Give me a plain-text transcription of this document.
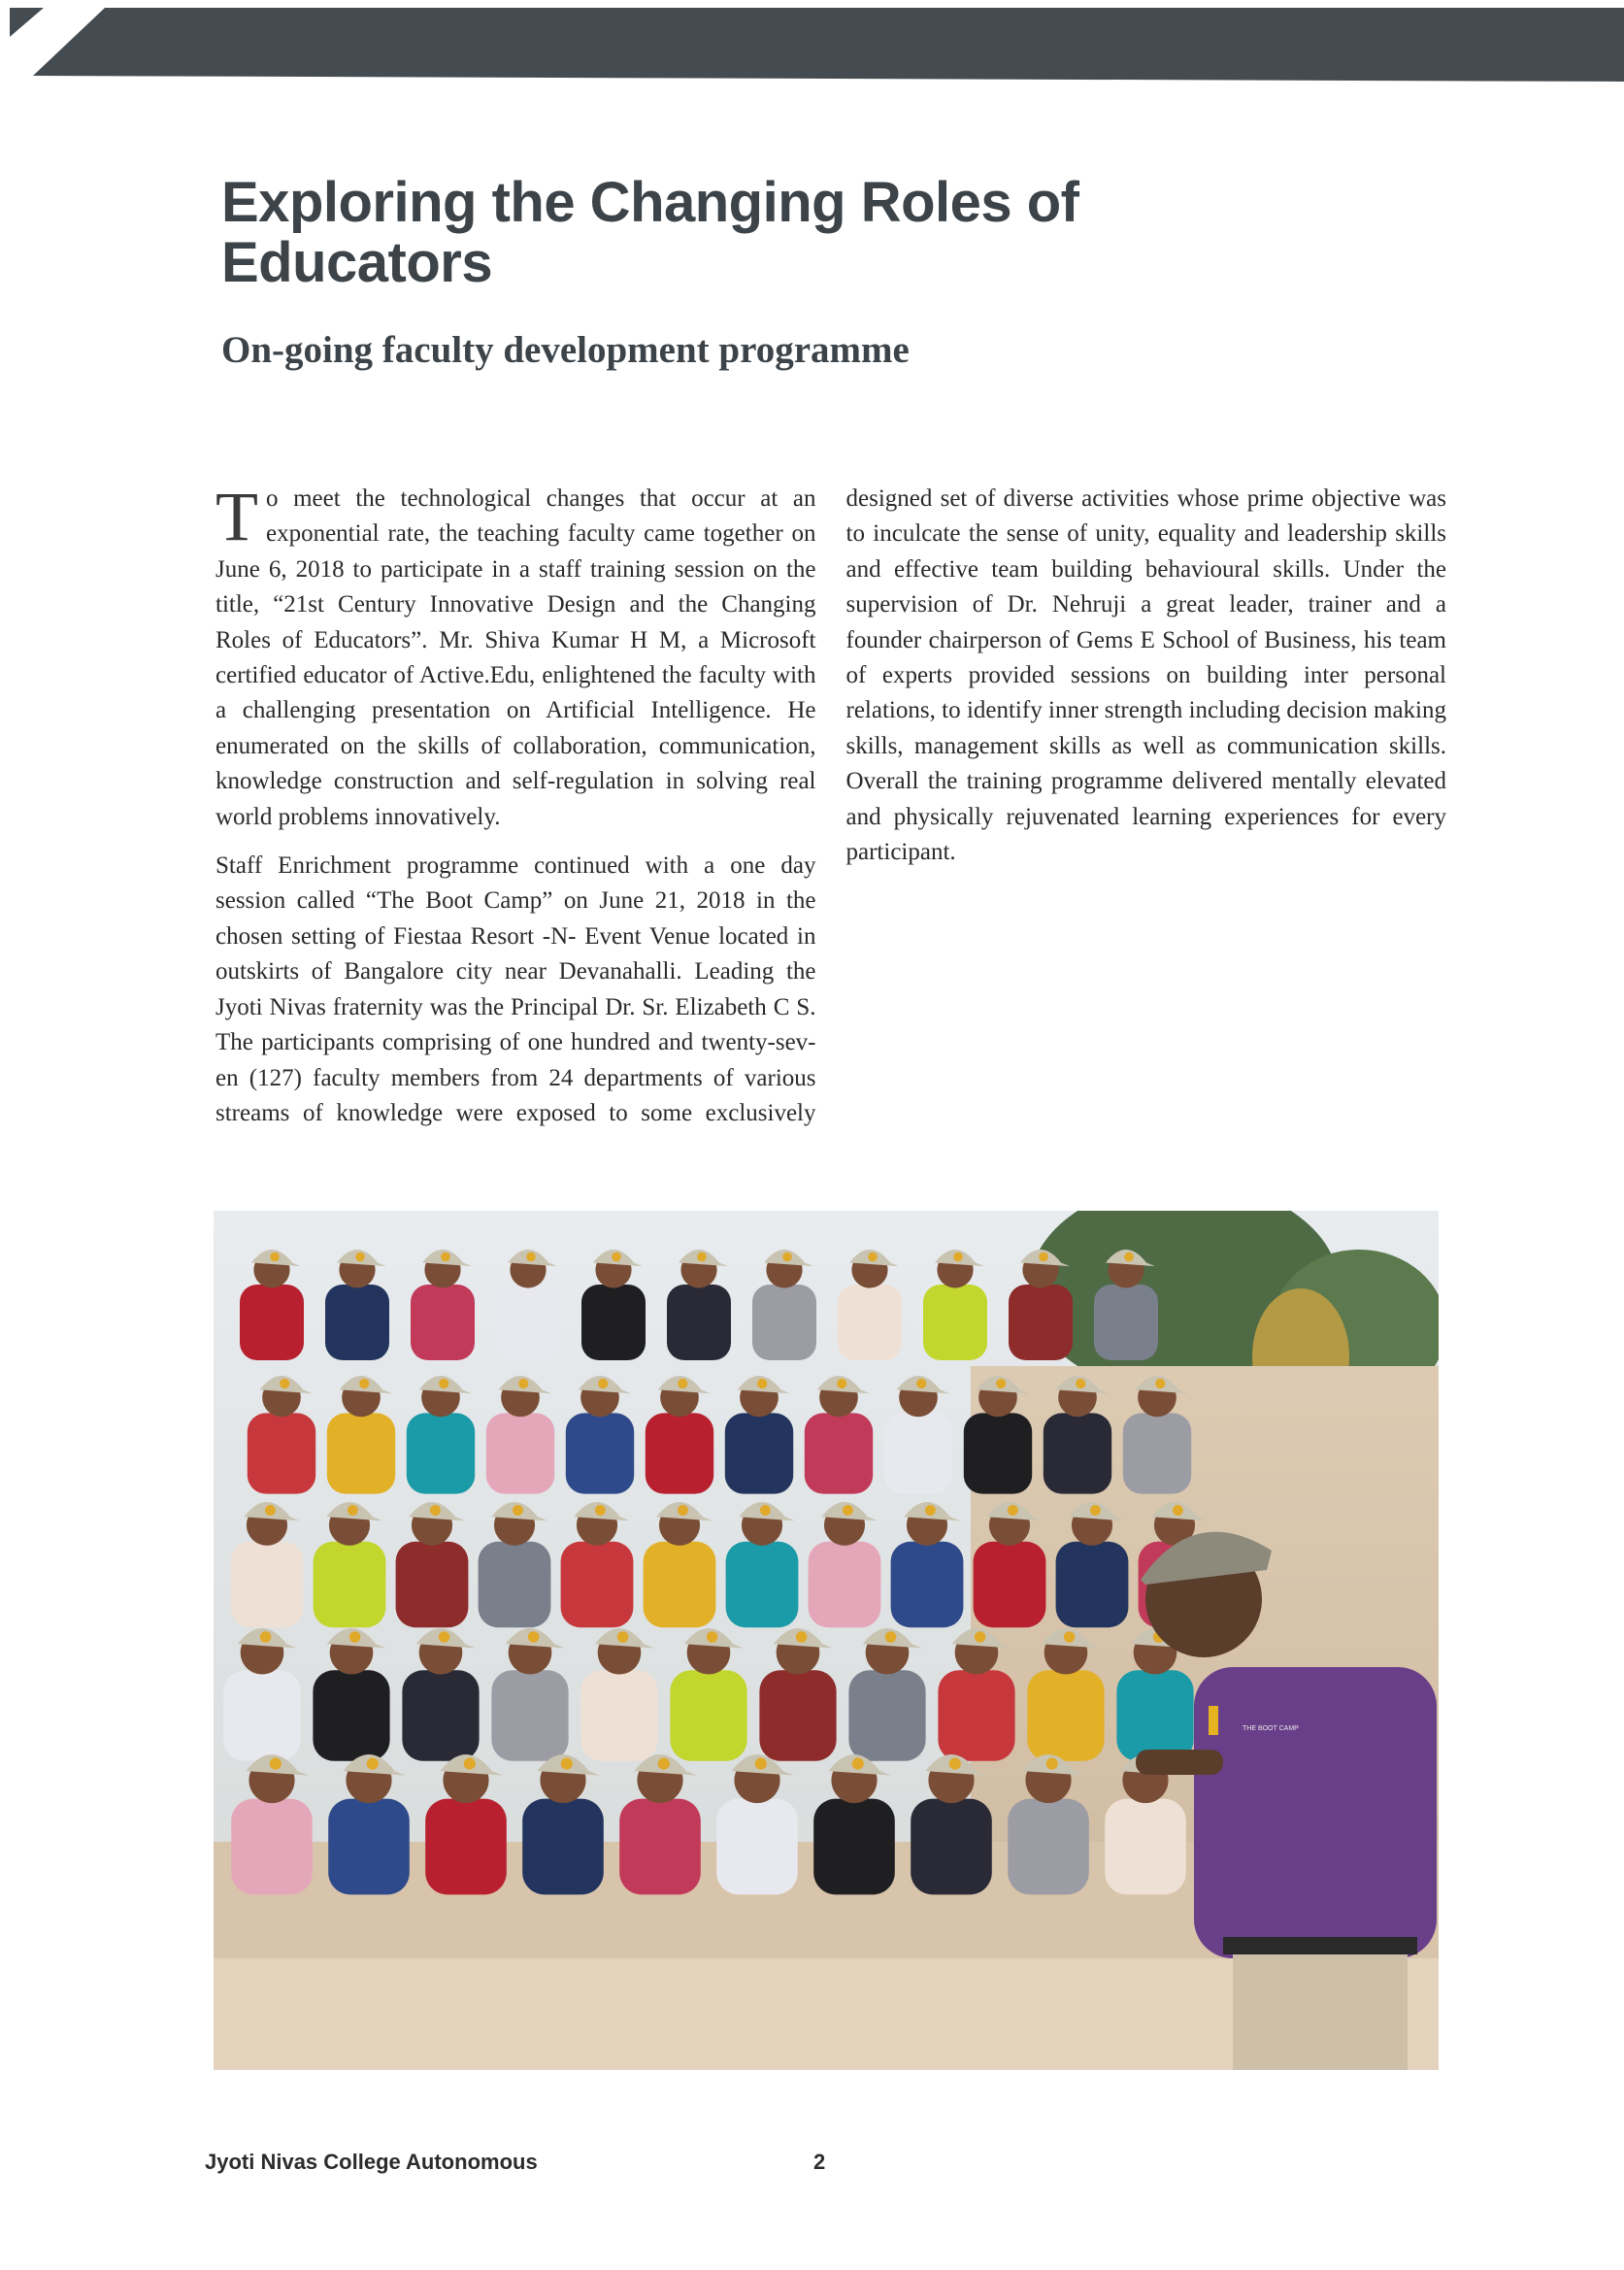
Exploring the Changing Roles of Educators
On-going faculty development programme

To meet the technological changes that occur at an exponential rate, the teaching faculty came together on June 6, 2018 to participate in a staff training session on the title, “21st Century Innovative Design and the Changing Roles of Educators”. Mr. Shiva Kumar H M, a Microsoft certified educator of Active.Edu, enlightened the faculty with a challenging presentation on Artificial Intelligence. He enumerated on the skills of collaboration, communication, knowledge construction and self-regulation in solving real world problems innovatively.

Staff Enrichment programme continued with a one day session called “The Boot Camp” on June 21, 2018 in the chosen setting of Fiestaa Resort -N- Event Venue located in outskirts of Bangalore city near Devanahalli. Leading the Jyoti Nivas fraternity was the Principal Dr. Sr. Elizabeth C S. The participants comprising of one hundred and twenty-seven (127) faculty members from 24 departments of various streams of knowledge were exposed to some exclusively designed set of diverse activities whose prime objective was to inculcate the sense of unity, equality and leadership skills and effective team building behavioural skills. Under the supervision of Dr. Nehruji a great leader, trainer and a founder chairperson of Gems E School of Business, his team of experts provided sessions on building inter personal relations, to identify inner strength including decision making skills, management skills as well as communication skills. Overall the training programme delivered mentally elevated and physically rejuvenated learning experiences for every participant.

THE BOOT CAMP
Jyoti Nivas College Autonomous	2
